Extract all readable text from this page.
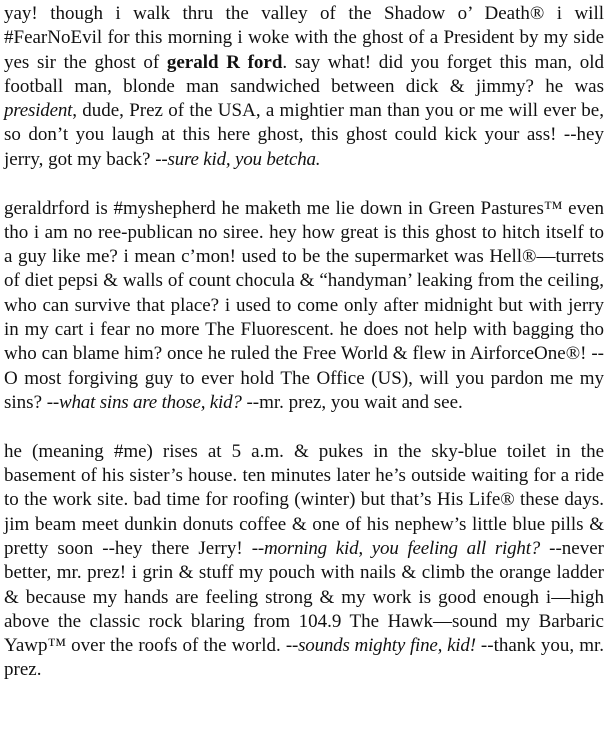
yay! though i walk thru the valley of the Shadow o’ Death® i will #FearNoEvil for this morning i woke with the ghost of a President by my side yes sir the ghost of gerald R ford. say what! did you forget this man, old football man, blonde man sandwiched between dick & jimmy? he was president, dude, Prez of the USA, a mightier man than you or me will ever be, so don’t you laugh at this here ghost, this ghost could kick your ass! --hey jerry, got my back? --sure kid, you betcha.

geraldrford is #myshepherd he maketh me lie down in Green Pastures™ even tho i am no ree-publican no siree. hey how great is this ghost to hitch itself to a guy like me? i mean c’mon! used to be the supermarket was Hell®—turrets of diet pepsi & walls of count chocula & “handyman’ leaking from the ceiling, who can survive that place? i used to come only after midnight but with jerry in my cart i fear no more The Fluorescent. he does not help with bagging tho who can blame him? once he ruled the Free World & flew in AirforceOne®! --O most forgiving guy to ever hold The Office (US), will you pardon me my sins? --what sins are those, kid? --mr. prez, you wait and see.

he (meaning #me) rises at 5 a.m. & pukes in the sky-blue toilet in the basement of his sister’s house. ten minutes later he’s outside waiting for a ride to the work site. bad time for roofing (winter) but that’s His Life® these days. jim beam meet dunkin donuts coffee & one of his nephew’s little blue pills & pretty soon --hey there Jerry! --morning kid, you feeling all right? --never better, mr. prez! i grin & stuff my pouch with nails & climb the orange ladder & because my hands are feeling strong & my work is good enough i—high above the classic rock blaring from 104.9 The Hawk—sound my Barbaric Yawp™ over the roofs of the world. --sounds mighty fine, kid! --thank you, mr. prez.
